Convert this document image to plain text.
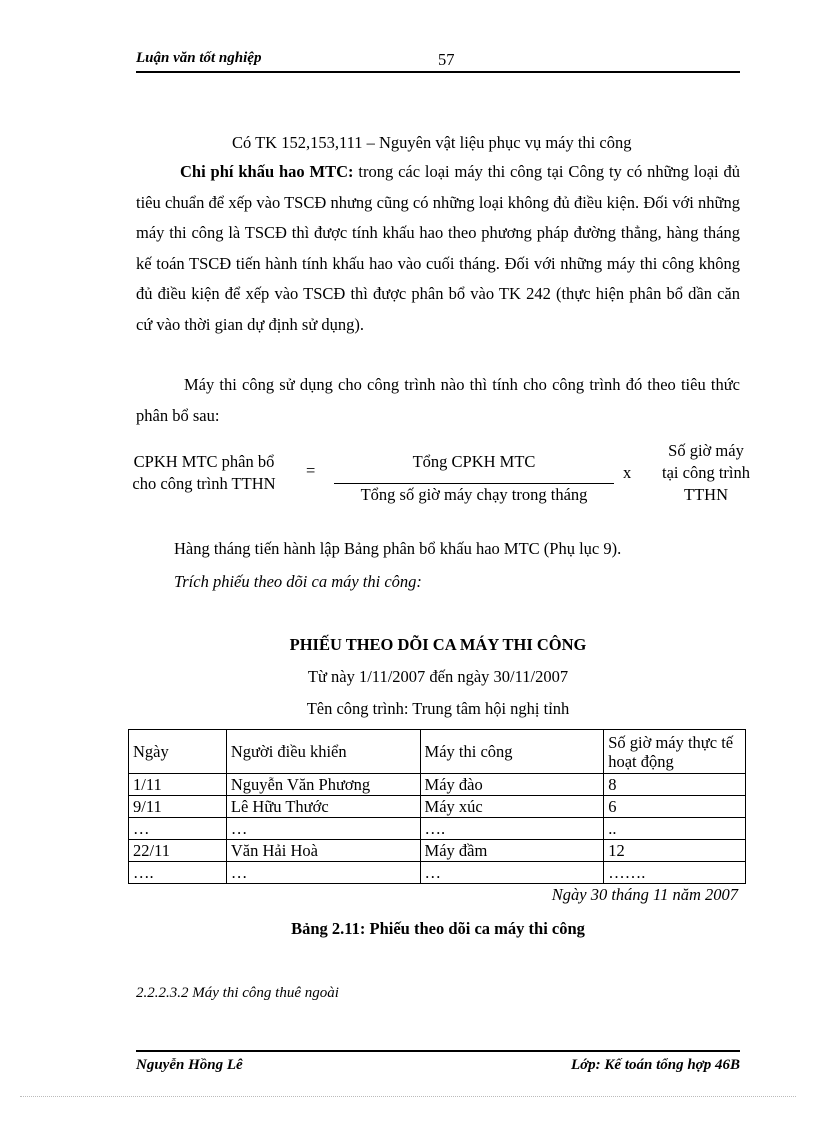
Luận văn tốt nghiệp	57
Có TK 152,153,111 – Nguyên vật liệu phục vụ máy thi công
Chi phí khấu hao MTC: trong các loại máy thi công tại Công ty có những loại đủ tiêu chuẩn để xếp vào TSCĐ nhưng cũng có những loại không đủ điều kiện. Đối với những máy thi công là TSCĐ thì được tính khấu hao theo phương pháp đường thẳng, hàng tháng kế toán TSCĐ tiến hành tính khấu hao vào cuối tháng. Đối với những máy thi công không đủ điều kiện để xếp vào TSCĐ thì được phân bổ vào TK 242 (thực hiện phân bổ dần căn cứ vào thời gian dự định sử dụng).
Máy thi công sử dụng cho công trình nào thì tính cho công trình đó theo tiêu thức phân bổ sau:
CPKH MTC phân bổ
cho công trình TTHN
=	Tổng CPKH MTC
Tổng số giờ máy chạy trong tháng
x
Số giờ máy
tại công trình
TTHN
Hàng tháng tiến hành lập Bảng phân bổ khấu hao MTC (Phụ lục 9).
Trích phiếu theo dõi ca máy thi công:
PHIẾU THEO DÕI CA MÁY THI CÔNG
Từ này 1/11/2007 đến ngày 30/11/2007
Tên công trình: Trung tâm hội nghị tỉnh
Ngày	Người điều khiển	Máy thi công	Số giờ máy thực tế hoạt động
1/11	Nguyễn Văn Phương	Máy đào	8
9/11	Lê Hữu Thước	Máy xúc	6
…	…	….	..
22/11	Văn Hải Hoà	Máy đầm	12
….	…	…	…….
Ngày 30 tháng 11 năm 2007
Bảng 2.11: Phiếu theo dõi ca máy thi công
2.2.2.3.2 Máy thi công thuê ngoài
Nguyễn Hồng Lê	Lớp: Kế toán tổng hợp 46B
